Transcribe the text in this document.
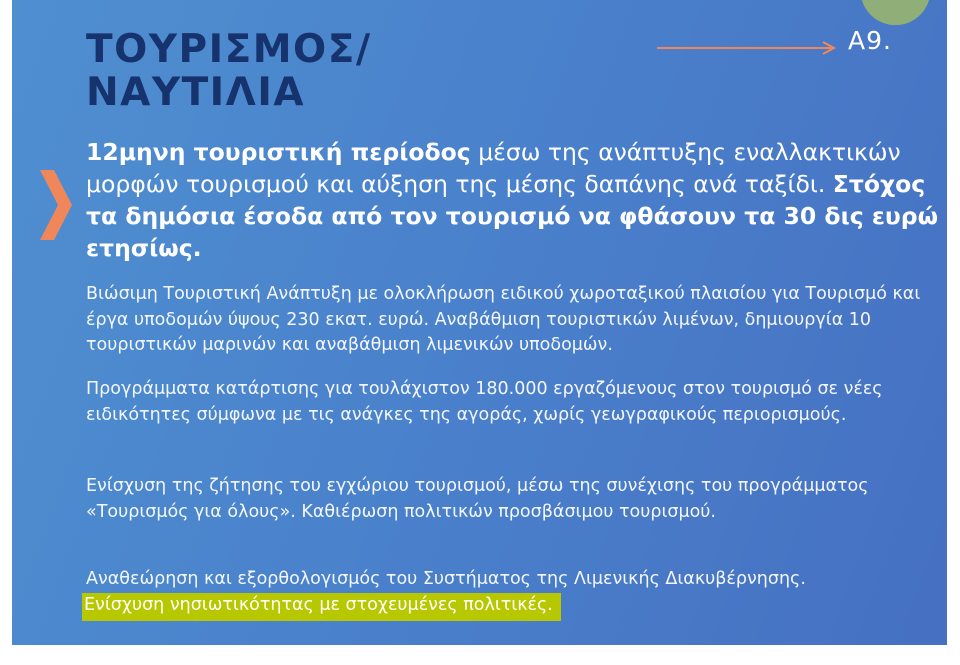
ΤΟΥΡΙΣΜΟΣ/
ΝΑΥΤΙΛΙΑ
Α9.
12μηνη τουριστική περίοδος μέσω της ανάπτυξης εναλλακτικών μορφών τουρισμού και αύξηση της μέσης δαπάνης ανά ταξίδι. Στόχος τα δημόσια έσοδα από τον τουρισμό να φθάσουν τα 30 δις ευρώ ετησίως.

Βιώσιμη Τουριστική Ανάπτυξη με ολοκλήρωση ειδικού χωροταξικού πλαισίου για Τουρισμό και έργα υποδομών ύψους 230 εκατ. ευρώ. Αναβάθμιση τουριστικών λιμένων, δημιουργία 10 τουριστικών μαρινών και αναβάθμιση λιμενικών υποδομών.

Προγράμματα κατάρτισης για τουλάχιστον 180.000 εργαζόμενους στον τουρισμό σε νέες ειδικότητες σύμφωνα με τις ανάγκες της αγοράς, χωρίς γεωγραφικούς περιορισμούς.

Ενίσχυση της ζήτησης του εγχώριου τουρισμού, μέσω της συνέχισης του προγράμματος «Τουρισμός για όλους». Καθιέρωση πολιτικών προσβάσιμου τουρισμού.

Αναθεώρηση και εξορθολογισμός του Συστήματος της Λιμενικής Διακυβέρνησης.
Ενίσχυση νησιωτικότητας με στοχευμένες πολιτικές.
